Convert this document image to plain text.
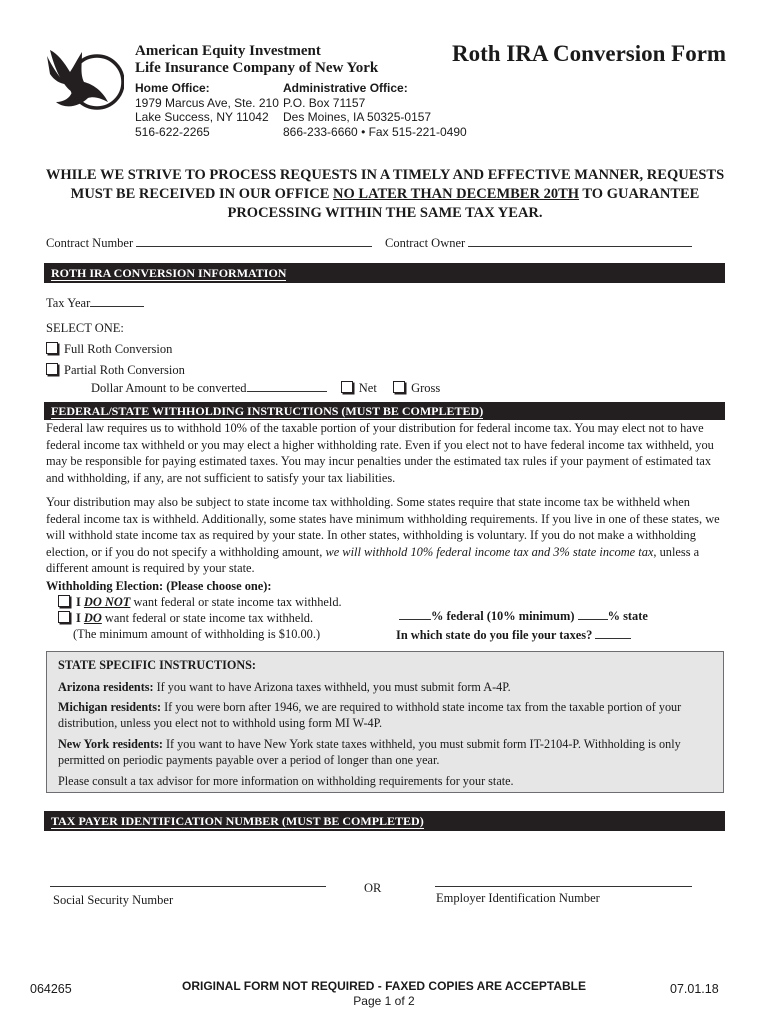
American Equity Investment
Life Insurance Company of New York
Roth IRA Conversion Form
Home Office:
1979 Marcus Ave, Ste. 210
Lake Success, NY 11042
516-622-2265
Administrative Office:
P.O. Box 71157
Des Moines, IA 50325-0157
866-233-6660 • Fax 515-221-0490
WHILE WE STRIVE TO PROCESS REQUESTS IN A TIMELY AND EFFECTIVE MANNER, REQUESTS MUST BE RECEIVED IN OUR OFFICE NO LATER THAN DECEMBER 20TH TO GUARANTEE PROCESSING WITHIN THE SAME TAX YEAR.
Contract Number	Contract Owner
ROTH IRA CONVERSION INFORMATION
Tax Year
SELECT ONE:
Full Roth Conversion
Partial Roth Conversion
Dollar Amount to be converted	Net	Gross
FEDERAL/STATE WITHHOLDING INSTRUCTIONS (MUST BE COMPLETED)
Federal law requires us to withhold 10% of the taxable portion of your distribution for federal income tax. You may elect not to have federal income tax withheld or you may elect a higher withholding rate. Even if you elect not to have federal income tax withheld, you may be responsible for paying estimated taxes. You may incur penalties under the estimated tax rules if your payment of estimated tax and withholding, if any, are not sufficient to satisfy your tax liabilities.
Your distribution may also be subject to state income tax withholding. Some states require that state income tax be withheld when federal income tax is withheld. Additionally, some states have minimum withholding requirements. If you live in one of these states, we will withhold state income tax as required by your state. In other states, withholding is voluntary. If you do not make a withholding election, or if you do not specify a withholding amount, we will withhold 10% federal income tax and 3% state income tax, unless a different amount is required by your state.
Withholding Election: (Please choose one):
I DO NOT want federal or state income tax withheld.
I DO want federal or state income tax withheld.
(The minimum amount of withholding is $10.00.)
% federal (10% minimum)	% state
In which state do you file your taxes?
STATE SPECIFIC INSTRUCTIONS:
Arizona residents: If you want to have Arizona taxes withheld, you must submit form A-4P.
Michigan residents: If you were born after 1946, we are required to withhold state income tax from the taxable portion of your distribution, unless you elect not to withhold using form MI W-4P.
New York residents: If you want to have New York state taxes withheld, you must submit form IT-2104-P. Withholding is only permitted on periodic payments payable over a period of longer than one year.
Please consult a tax advisor for more information on withholding requirements for your state.
TAX PAYER IDENTIFICATION NUMBER (MUST BE COMPLETED)
Social Security Number
OR
Employer Identification Number
064265	ORIGINAL FORM NOT REQUIRED - FAXED COPIES ARE ACCEPTABLE
Page 1 of 2
07.01.18
